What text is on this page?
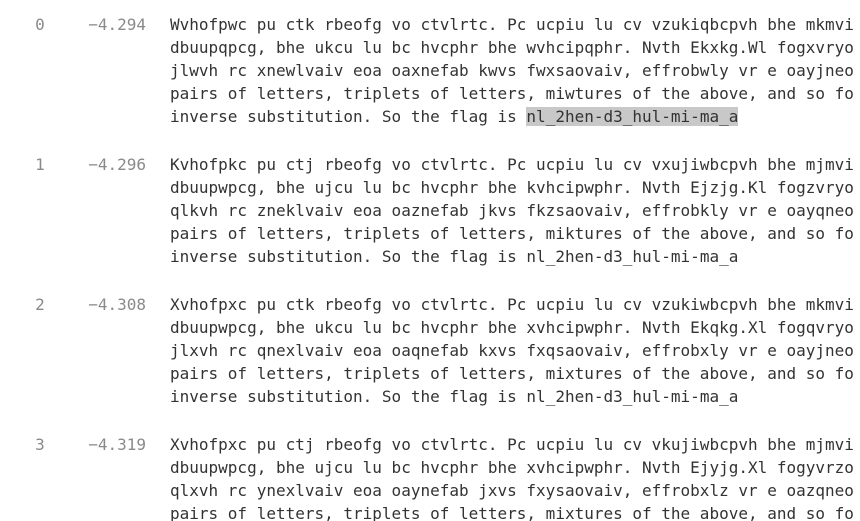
0	−4.294 Wvhofpwc pu ctk rbeofg vo ctvlrtc. Pc ucpiu lu cv vzukiqbcpvh bhe mkmvi
dbuupqpcg, bhe ukcu lu bc hvcphr bhe wvhcipqphr. Nvth Ekxkg.Wl fogxvryo
jlwvh rc xnewlvaiv eoa oaxnefab kwvs fwxsaovaiv, effrobwly vr e oayjneo
pairs of letters, triplets of letters, miwtures of the above, and so fo
inverse substitution. So the flag is nl_2hen-d3_hul-mi-ma_a
1	−4.296 Kvhofpkc pu ctj rbeofg vo ctvlrtc. Pc ucpiu lu cv vxujiwbcpvh bhe mjmvi
dbuupwpcg, bhe ujcu lu bc hvcphr bhe kvhcipwphr. Nvth Ejzjg.Kl fogzvryo
qlkvh rc zneklvaiv eoa oaznefab jkvs fkzsaovaiv, effrobkly vr e oayqneo
pairs of letters, triplets of letters, miktures of the above, and so fo
inverse substitution. So the flag is nl_2hen-d3_hul-mi-ma_a
2	−4.308 Xvhofpxc pu ctk rbeofg vo ctvlrtc. Pc ucpiu lu cv vzukiwbcpvh bhe mkmvi
dbuupwpcg, bhe ukcu lu bc hvcphr bhe xvhcipwphr. Nvth Ekqkg.Xl fogqvryo
jlxvh rc qnexlvaiv eoa oaqnefab kxvs fxqsaovaiv, effrobxly vr e oayjneo
pairs of letters, triplets of letters, mixtures of the above, and so fo
inverse substitution. So the flag is nl_2hen-d3_hul-mi-ma_a
3	−4.319 Xvhofpxc pu ctj rbeofg vo ctvlrtc. Pc ucpiu lu cv vkujiwbcpvh bhe mjmvi
dbuupwpcg, bhe ujcu lu bc hvcphr bhe xvhcipwphr. Nvth Ejyjg.Xl fogyvrzo
qlxvh rc ynexlvaiv eoa oaynefab jxvs fxysaovaiv, effrobxlz vr e oazqneo
pairs of letters, triplets of letters, mixtures of the above, and so fo
